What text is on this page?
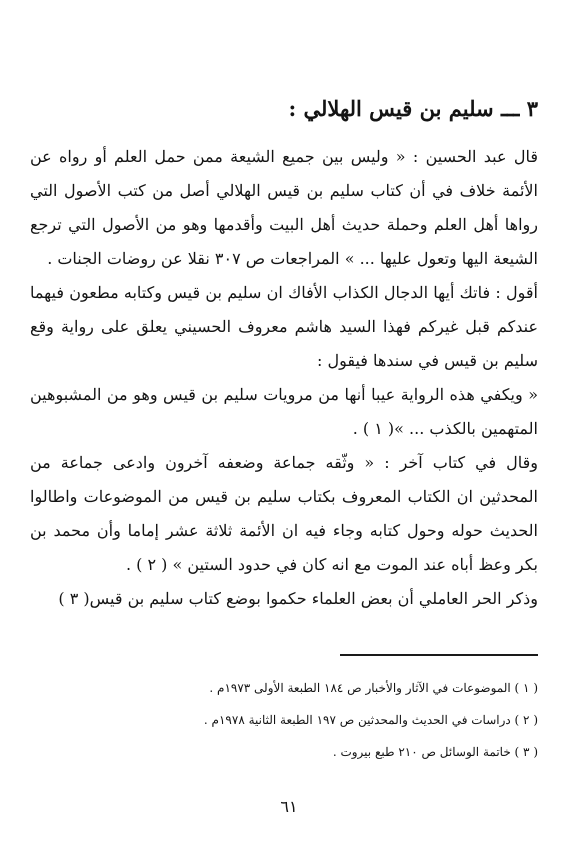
٣ ـــ سليم بن قيس الهلالي :

قال عبد الحسين : « وليس بين جميع الشيعة ممن حمل العلم أو رواه عن الأئمة خلاف في أن كتاب سليم بن قيس الهلالي أصل من كتب الأصول التي رواها أهل العلم وحملة حديث أهل البيت وأقدمها وهو من الأصول التي ترجع الشيعة اليها وتعول عليها ... » المراجعات ص ٣٠٧ نقلا عن روضات الجنات .

أقول : فاتك أيها الدجال الكذاب الأفاك ان سليم بن قيس وكتابه مطعون فيهما عندكم قبل غيركم فهذا السيد هاشم معروف الحسيني يعلق على رواية وقع سليم بن قيس في سندها فيقول :

« ويكفي هذه الرواية عيبا أنها من مرويات سليم بن قيس وهو من المشبوهين المتهمين بالكذب ... »( ١ ) .

وقال في كتاب آخر : « وثّقه جماعة وضعفه آخرون وادعى جماعة من المحدثين ان الكتاب المعروف بكتاب سليم بن قيس من الموضوعات واطالوا الحديث حوله وحول كتابه وجاء فيه ان الأئمة ثلاثة عشر إماما وأن محمد بن بكر وعظ أباه عند الموت مع انه كان في حدود الستين » ( ٢ ) .

وذكر الحر العاملي أن بعض العلماء حكموا بوضع كتاب سليم بن قيس( ٣ )

( ١ ) الموضوعات في الآثار والأخبار ص ١٨٤ الطبعة الأولى ١٩٧٣م .

( ٢ ) دراسات في الحديث والمحدثين ص ١٩٧ الطبعة الثانية ١٩٧٨م .

( ٣ ) خاتمة الوسائل ص ٢١٠ طبع بيروت .

٦١
